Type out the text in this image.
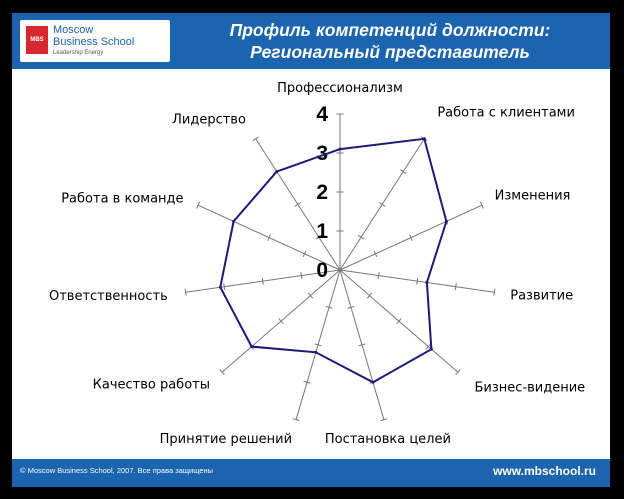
MBS
Moscow
Business School
Leadership Energy
Профиль компетенций должности:
Региональный представитель
© Moscow Business School, 2007. Все права защищены	www.mbschool.ru
Профессионализм
Работа с клиентами
Изменения
Развитие
Бизнес-видение
Постановка целей
Принятие решений
Качество работы
Ответственность
Работа в команде
Лидерство
0
1
2
3
4
